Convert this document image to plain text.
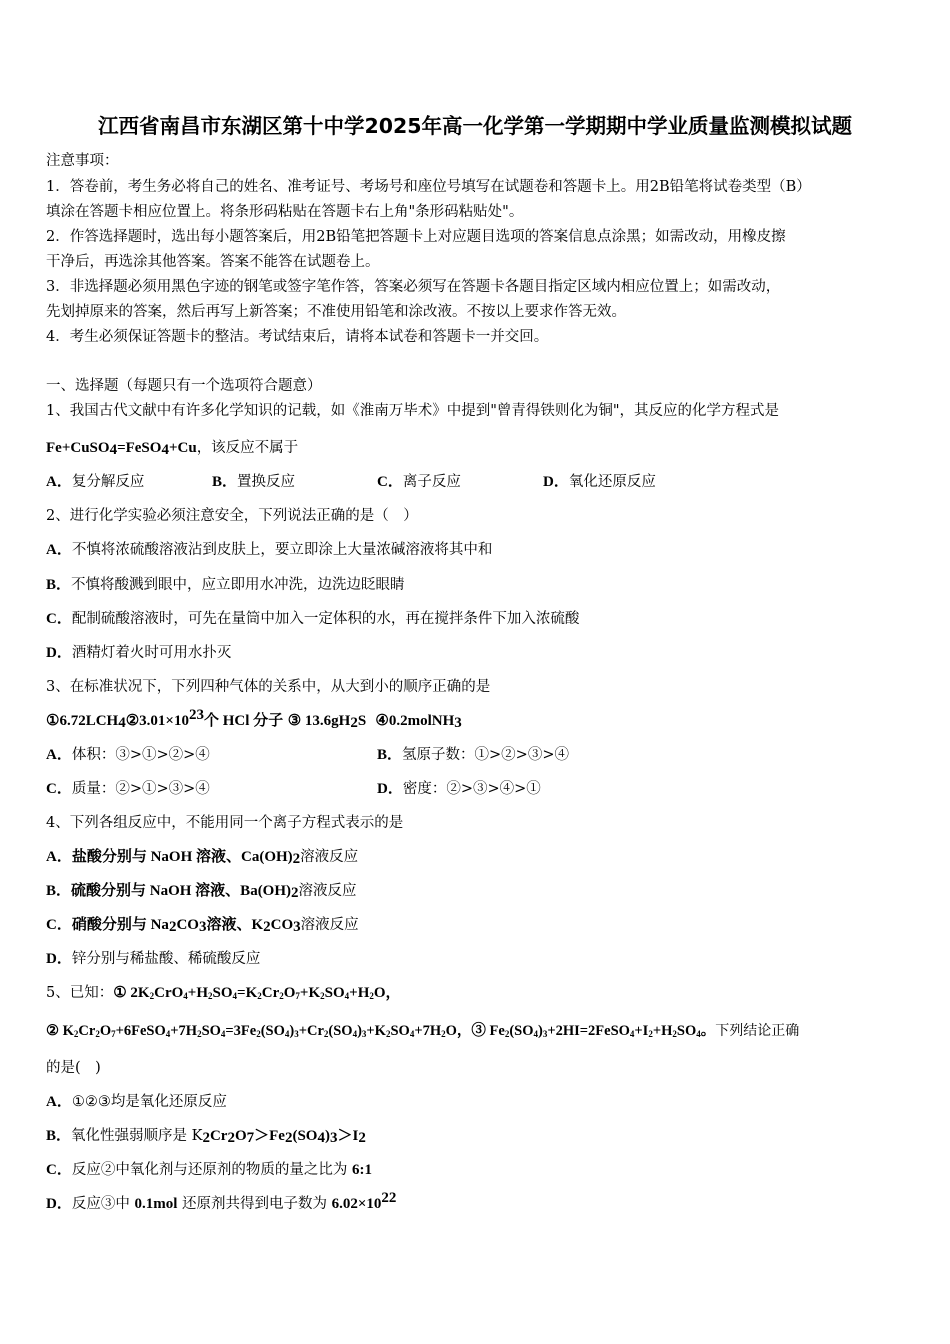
江西省南昌市东湖区第十中学2025年高一化学第一学期期中学业质量监测模拟试题
注意事项：
1．答卷前，考生务必将自己的姓名、准考证号、考场号和座位号填写在试题卷和答题卡上。用2B铅笔将试卷类型（B）
填涂在答题卡相应位置上。将条形码粘贴在答题卡右上角"条形码粘贴处"。
2．作答选择题时，选出每小题答案后，用2B铅笔把答题卡上对应题目选项的答案信息点涂黑；如需改动，用橡皮擦
干净后，再选涂其他答案。答案不能答在试题卷上。
3．非选择题必须用黑色字迹的钢笔或签字笔作答，答案必须写在答题卡各题目指定区域内相应位置上；如需改动，
先划掉原来的答案，然后再写上新答案；不准使用铅笔和涂改液。不按以上要求作答无效。
4．考生必须保证答题卡的整洁。考试结束后，请将本试卷和答题卡一并交回。
一、选择题（每题只有一个选项符合题意）
1、我国古代文献中有许多化学知识的记载，如《淮南万毕术》中提到"曾青得铁则化为铜"，其反应的化学方程式是
Fe+CuSO$_4$=FeSO$_4$+Cu，该反应不属于
A．复分解反应	B．置换反应	C．离子反应	D．氧化还原反应
2、进行化学实验必须注意安全，下列说法正确的是（　）
A．不慎将浓硫酸溶液沾到皮肤上，要立即涂上大量浓碱溶液将其中和
B．不慎将酸溅到眼中，应立即用水冲洗，边洗边眨眼睛
C．配制硫酸溶液时，可先在量筒中加入一定体积的水，再在搅拌条件下加入浓硫酸
D．酒精灯着火时可用水扑灭
3、在标准状况下，下列四种气体的关系中，从大到小的顺序正确的是
$①6.72LCH_4②3.01\times 10^{23}$个 HCl 分子 ③ $13.6gH_2S$ ④0.2molNH$_3$
A．体积：③>①>②>④	B．氢原子数：①>②>③>④
C．质量：②>①>③>④	D．密度：②>③>④>①
4、下列各组反应中，不能用同一个离子方程式表示的是
A．盐酸分别与 NaOH 溶液、$Ca(OH)_2$溶液反应
B．硫酸分别与 NaOH 溶液、$Ba(OH)_2$溶液反应
C．硝酸分别与 $Na_2CO_3$溶液、$K_2CO_3$溶液反应
D．锌分别与稀盐酸、稀硫酸反应
5、已知：① $2K_2CrO_4+H_2SO_4=K_2Cr_2O_7+K_2SO_4+H_2O$，
② $K_2Cr_2O_7+6FeSO_4+7H_2SO_4=3Fe_2(SO_4)_3+Cr_2(SO_4)_3+K_2SO_4+7H_2O$，③ $Fe_2(SO_4)_3+2HI=2FeSO_4+I_2+H_2SO_4$。下列结论正确
的是(　)
A．①②③均是氧化还原反应
B．氧化性强弱顺序是 $K_2Cr_2O_7>Fe_2(SO_4)_3>I_2$
C．反应②中氧化剂与还原剂的物质的量之比为 6:1
D．反应③中 0.1mol 还原剂共得到电子数为 $6.02\times 10^{22}$
